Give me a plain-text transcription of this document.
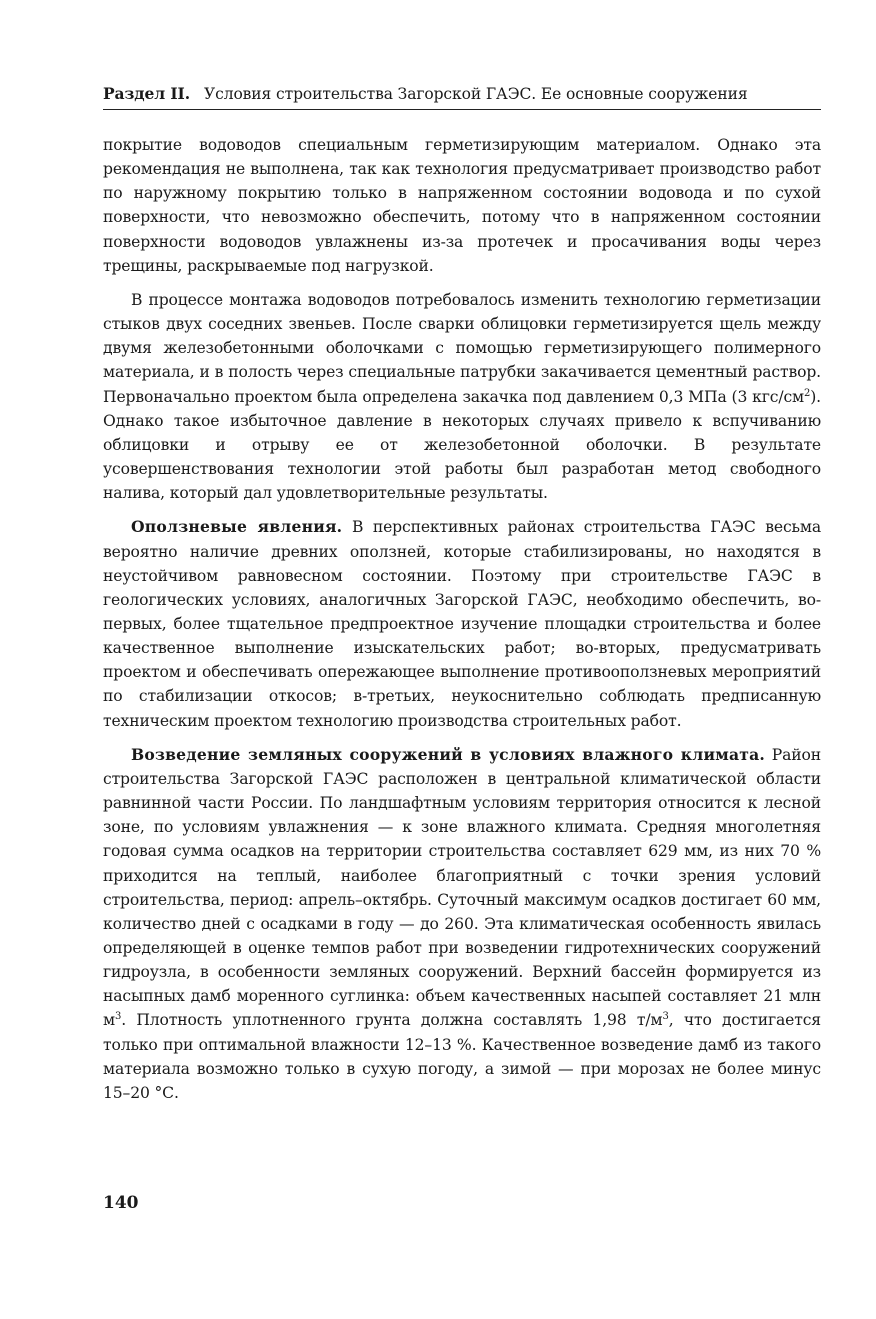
Раздел II. Условия строительства Загорской ГАЭС. Ее основные сооружения

покрытие водоводов специальным герметизирующим материалом. Однако эта рекомендация не выполнена, так как технология предусматривает производство работ по наружному покрытию только в напряженном состоянии водовода и по сухой поверхности, что невозможно обеспечить, потому что в напряженном состоянии поверхности водоводов увлажнены из-за протечек и просачивания воды через трещины, раскрываемые под нагрузкой.

В процессе монтажа водоводов потребовалось изменить технологию герметизации стыков двух соседних звеньев. После сварки облицовки герметизируется щель между двумя железобетонными оболочками с помощью герметизирующего полимерного материала, и в полость через специальные патрубки закачивается цементный раствор. Первоначально проектом была определена закачка под давлением 0,3 МПа (3 кгс/$см^2$). Однако такое избыточное давление в некоторых случаях привело к вспучиванию облицовки и отрыву ее от железобетонной оболочки. В результате усовершенствования технологии этой работы был разработан метод свободного налива, который дал удовлетворительные результаты.

Оползневые явления. В перспективных районах строительства ГАЭС весьма вероятно наличие древних оползней, которые стабилизированы, но находятся в неустойчивом равновесном состоянии. Поэтому при строительстве ГАЭС в геологических условиях, аналогичных Загорской ГАЭС, необходимо обеспечить, во-первых, более тщательное предпроектное изучение площадки строительства и более качественное выполнение изыскательских работ; во-вторых, предусматривать проектом и обеспечивать опережающее выполнение противооползневых мероприятий по стабилизации откосов; в-третьих, неукоснительно соблюдать предписанную техническим проектом технологию производства строительных работ.

Возведение земляных сооружений в условиях влажного климата. Район строительства Загорской ГАЭС расположен в центральной климатической области равнинной части России. По ландшафтным условиям территория относится к лесной зоне, по условиям увлажнения — к зоне влажного климата. Средняя многолетняя годовая сумма осадков на территории строительства составляет 629 мм, из них 70 % приходится на теплый, наиболее благоприятный с точки зрения условий строительства, период: апрель–октябрь. Суточный максимум осадков достигает 60 мм, количество дней с осадками в году — до 260. Эта климатическая особенность явилась определяющей в оценке темпов работ при возведении гидротехнических сооружений гидроузла, в особенности земляных сооружений. Верхний бассейн формируется из насыпных дамб моренного суглинка: объем качественных насыпей составляет 21 млн $м^3$. Плотность уплотненного грунта должна составлять 1,98 $т/м^3$, что достигается только при оптимальной влажности 12–13 %. Качественное возведение дамб из такого материала возможно только в сухую погоду, а зимой — при морозах не более минус 15–20 °С.

140
